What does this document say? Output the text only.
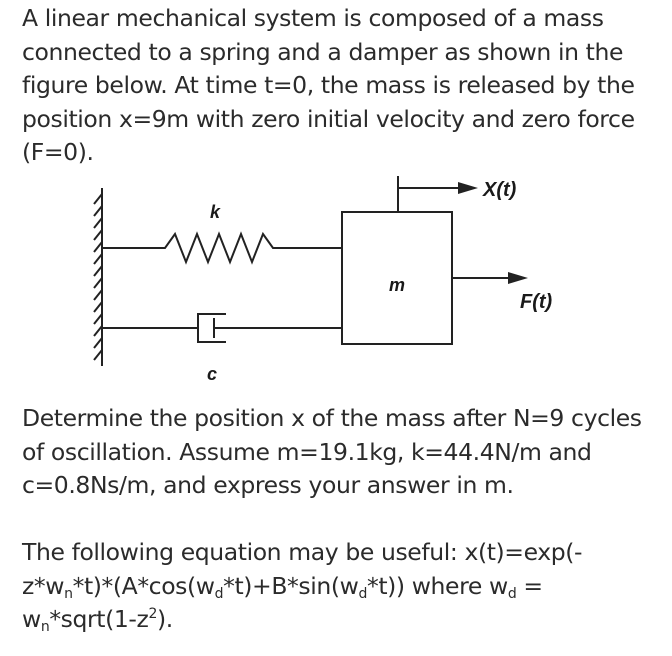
A linear mechanical system is composed of a mass connected to a spring and a damper as shown in the figure below. At time t=0, the mass is released by the position x=9m with zero initial velocity and zero force (F=0).

k
c
m
X(t)
F(t)

Determine the position x of the mass after N=9 cycles of oscillation. Assume m=19.1kg, k=44.4N/m and c=0.8Ns/m, and express your answer in m.

The following equation may be useful: $x(t)=\exp(-z*w_n*t)*(A*\cos(w_d*t)+B*\sin(w_d*t))$ where $w_d$ = $w_n*sqrt(1-z^2)$.
